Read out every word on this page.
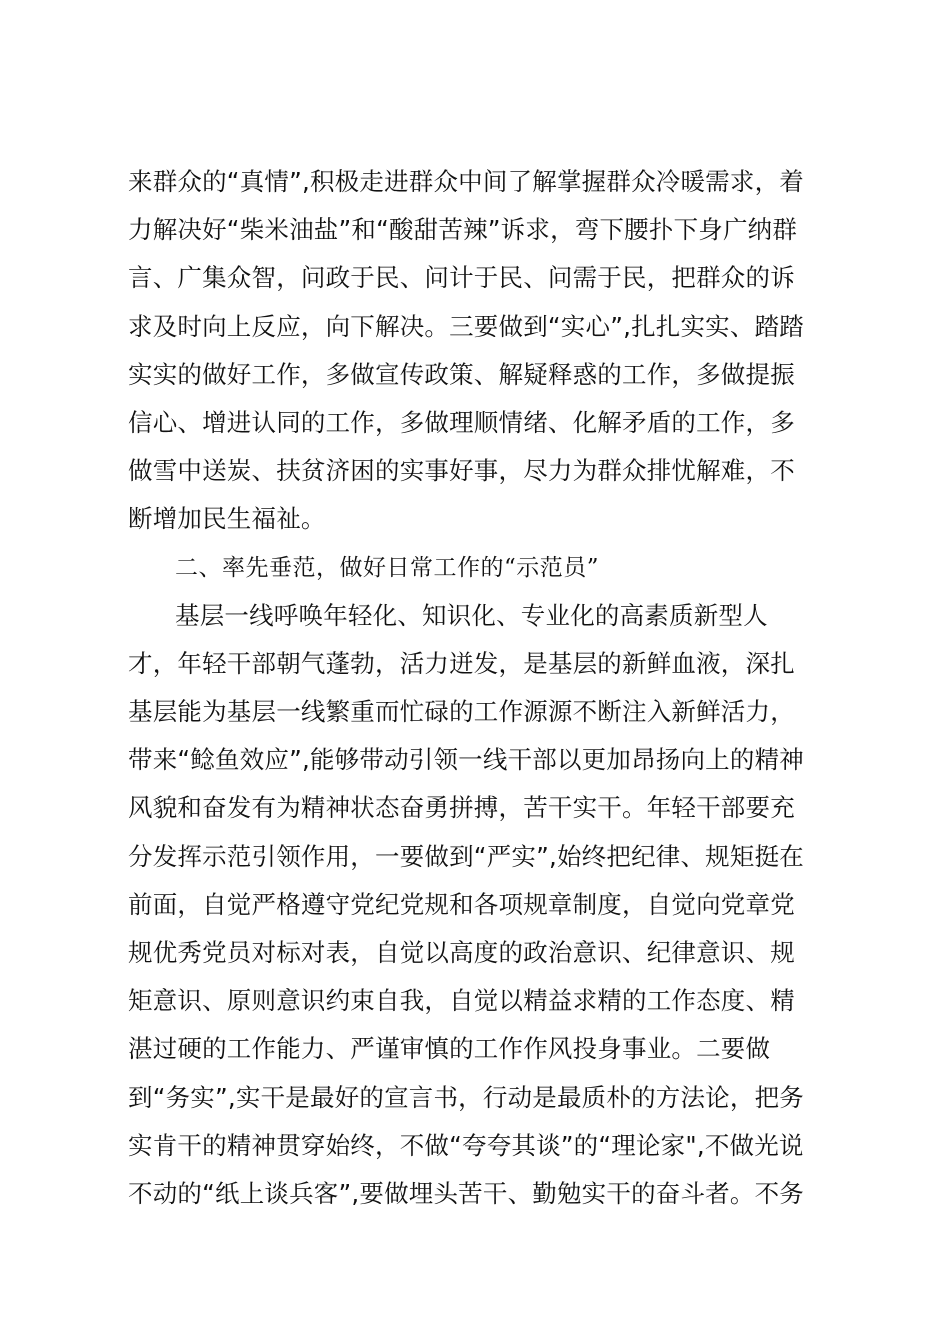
来群众的“真情”,积极走进群众中间了解掌握群众冷暖需求，着
力解决好“柴米油盐”和“酸甜苦辣”诉求，弯下腰扑下身广纳群
言、广集众智，问政于民、问计于民、问需于民，把群众的诉
求及时向上反应，向下解决。三要做到“实心”,扎扎实实、踏踏
实实的做好工作，多做宣传政策、解疑释惑的工作，多做提振
信心、增进认同的工作，多做理顺情绪、化解矛盾的工作，多
做雪中送炭、扶贫济困的实事好事，尽力为群众排忧解难，不
断增加民生福祉。
二、率先垂范，做好日常工作的“示范员”
基层一线呼唤年轻化、知识化、专业化的高素质新型人
才，年轻干部朝气蓬勃，活力迸发，是基层的新鲜血液，深扎
基层能为基层一线繁重而忙碌的工作源源不断注入新鲜活力，
带来“鲶鱼效应”,能够带动引领一线干部以更加昂扬向上的精神
风貌和奋发有为精神状态奋勇拼搏，苦干实干。年轻干部要充
分发挥示范引领作用，一要做到“严实”,始终把纪律、规矩挺在
前面，自觉严格遵守党纪党规和各项规章制度，自觉向党章党
规优秀党员对标对表，自觉以高度的政治意识、纪律意识、规
矩意识、原则意识约束自我，自觉以精益求精的工作态度、精
湛过硬的工作能力、严谨审慎的工作作风投身事业。二要做
到“务实”,实干是最好的宣言书，行动是最质朴的方法论，把务
实肯干的精神贯穿始终，不做“夸夸其谈”的“理论家",不做光说
不动的“纸上谈兵客”,要做埋头苦干、勤勉实干的奋斗者。不务
